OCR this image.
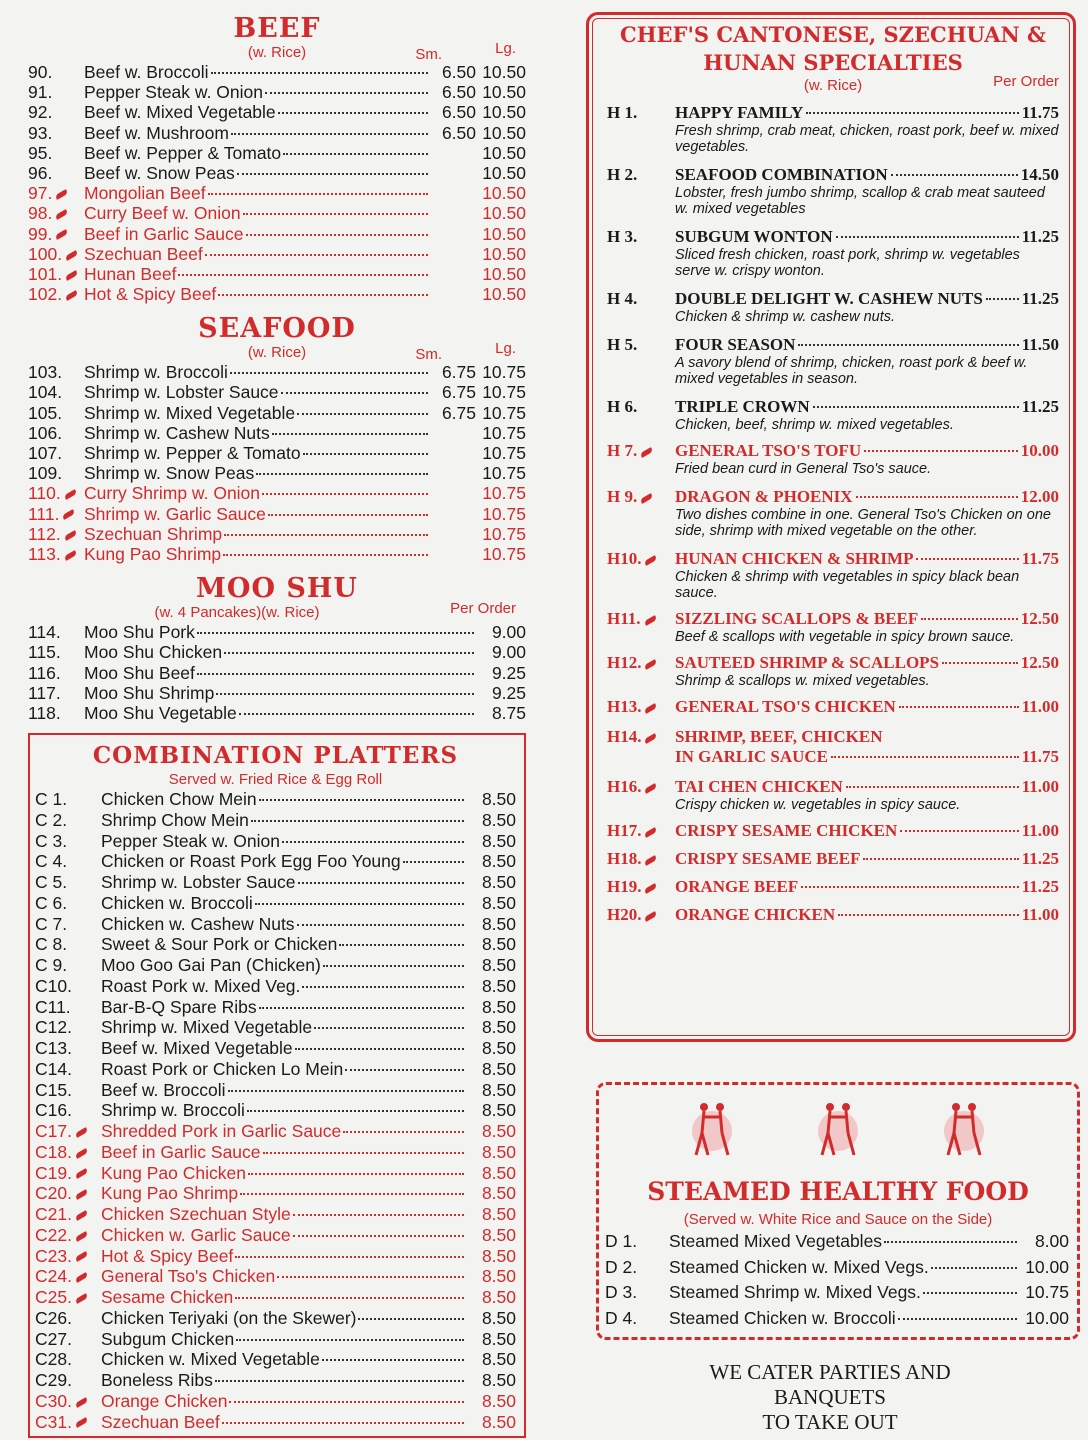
BEEF
(w. Rice)	Sm.	Lg.
90.	Beef w. Broccoli	6.50 10.50
91.	Pepper Steak w. Onion	6.50 10.50
92.	Beef w. Mixed Vegetable	6.50 10.50
93.	Beef w. Mushroom	6.50 10.50
95.	Beef w. Pepper & Tomato	10.50
96.	Beef w. Snow Peas	10.50
97.	Mongolian Beef	10.50
98.	Curry Beef w. Onion	10.50
99.	Beef in Garlic Sauce	10.50
100.	Szechuan Beef	10.50
101.	Hunan Beef	10.50
102.	Hot & Spicy Beef	10.50
SEAFOOD
(w. Rice)	Sm.	Lg.
103.	Shrimp w. Broccoli	6.75 10.75
104.	Shrimp w. Lobster Sauce	6.75 10.75
105.	Shrimp w. Mixed Vegetable	6.75 10.75
106.	Shrimp w. Cashew Nuts	10.75
107.	Shrimp w. Pepper & Tomato	10.75
109.	Shrimp w. Snow Peas	10.75
110.	Curry Shrimp w. Onion	10.75
111.	Shrimp w. Garlic Sauce	10.75
112.	Szechuan Shrimp	10.75
113.	Kung Pao Shrimp	10.75
MOO SHU
(w. 4 Pancakes)(w. Rice)	Per Order
114.	Moo Shu Pork	9.00
115.	Moo Shu Chicken	9.00
116.	Moo Shu Beef	9.25
117.	Moo Shu Shrimp	9.25
118.	Moo Shu Vegetable	8.75
COMBINATION PLATTERS
Served w. Fried Rice & Egg Roll
C 1.	Chicken Chow Mein	8.50
C 2.	Shrimp Chow Mein	8.50
C 3.	Pepper Steak w. Onion	8.50
C 4.	Chicken or Roast Pork Egg Foo Young	8.50
C 5.	Shrimp w. Lobster Sauce	8.50
C 6.	Chicken w. Broccoli	8.50
C 7.	Chicken w. Cashew Nuts	8.50
C 8.	Sweet & Sour Pork or Chicken	8.50
C 9.	Moo Goo Gai Pan (Chicken)	8.50
C10.	Roast Pork w. Mixed Veg.	8.50
C11.	Bar-B-Q Spare Ribs	8.50
C12.	Shrimp w. Mixed Vegetable	8.50
C13.	Beef w. Mixed Vegetable	8.50
C14.	Roast Pork or Chicken Lo Mein	8.50
C15.	Beef w. Broccoli	8.50
C16.	Shrimp w. Broccoli	8.50
C17.	Shredded Pork in Garlic Sauce	8.50
C18.	Beef in Garlic Sauce	8.50
C19.	Kung Pao Chicken	8.50
C20.	Kung Pao Shrimp	8.50
C21.	Chicken Szechuan Style	8.50
C22.	Chicken w. Garlic Sauce	8.50
C23.	Hot & Spicy Beef	8.50
C24.	General Tso's Chicken	8.50
C25.	Sesame Chicken	8.50
C26.	Chicken Teriyaki (on the Skewer)	8.50
C27.	Subgum Chicken	8.50
C28.	Chicken w. Mixed Vegetable	8.50
C29.	Boneless Ribs	8.50
C30.	Orange Chicken	8.50
C31.	Szechuan Beef	8.50
CHEF'S CANTONESE, SZECHUAN &
HUNAN SPECIALTIES
(w. Rice)	Per Order
H 1.	HAPPY FAMILY	11.75
Fresh shrimp, crab meat, chicken, roast pork, beef w. mixed vegetables.
H 2.	SEAFOOD COMBINATION	14.50
Lobster, fresh jumbo shrimp, scallop & crab meat sauteed w. mixed vegetables
H 3.	SUBGUM WONTON	11.25
Sliced fresh chicken, roast pork, shrimp w. vegetables serve w. crispy wonton.
H 4.	DOUBLE DELIGHT W. CASHEW NUTS 11.25
Chicken & shrimp w. cashew nuts.
H 5.	FOUR SEASON	11.50
A savory blend of shrimp, chicken, roast pork & beef w. mixed vegetables in season.
H 6.	TRIPLE CROWN	11.25
Chicken, beef, shrimp w. mixed vegetables.
H 7.	GENERAL TSO'S TOFU	10.00
Fried bean curd in General Tso's sauce.
H 9.	DRAGON & PHOENIX	12.00
Two dishes combine in one. General Tso's Chicken on one side, shrimp with mixed vegetable on the other.
H10.	HUNAN CHICKEN & SHRIMP	11.75
Chicken & shrimp with vegetables in spicy black bean sauce.
H11.	SIZZLING SCALLOPS & BEEF	12.50
Beef & scallops with vegetable in spicy brown sauce.
H12.	SAUTEED SHRIMP & SCALLOPS	12.50
Shrimp & scallops w. mixed vegetables.
H13.	GENERAL TSO'S CHICKEN	11.00
H14.	SHRIMP, BEEF, CHICKEN
IN GARLIC SAUCE	11.75
H16.	TAI CHEN CHICKEN	11.00
Crispy chicken w. vegetables in spicy sauce.
H17.	CRISPY SESAME CHICKEN	11.00
H18.	CRISPY SESAME BEEF	11.25
H19.	ORANGE BEEF	11.25
H20.	ORANGE CHICKEN	11.00
STEAMED HEALTHY FOOD
(Served w. White Rice and Sauce on the Side)
D 1.	Steamed Mixed Vegetables	8.00
D 2.	Steamed Chicken w. Mixed Vegs.	10.00
D 3.	Steamed Shrimp w. Mixed Vegs.	10.75
D 4.	Steamed Chicken w. Broccoli	10.00
WE CATER PARTIES AND BANQUETS
TO TAKE OUT
